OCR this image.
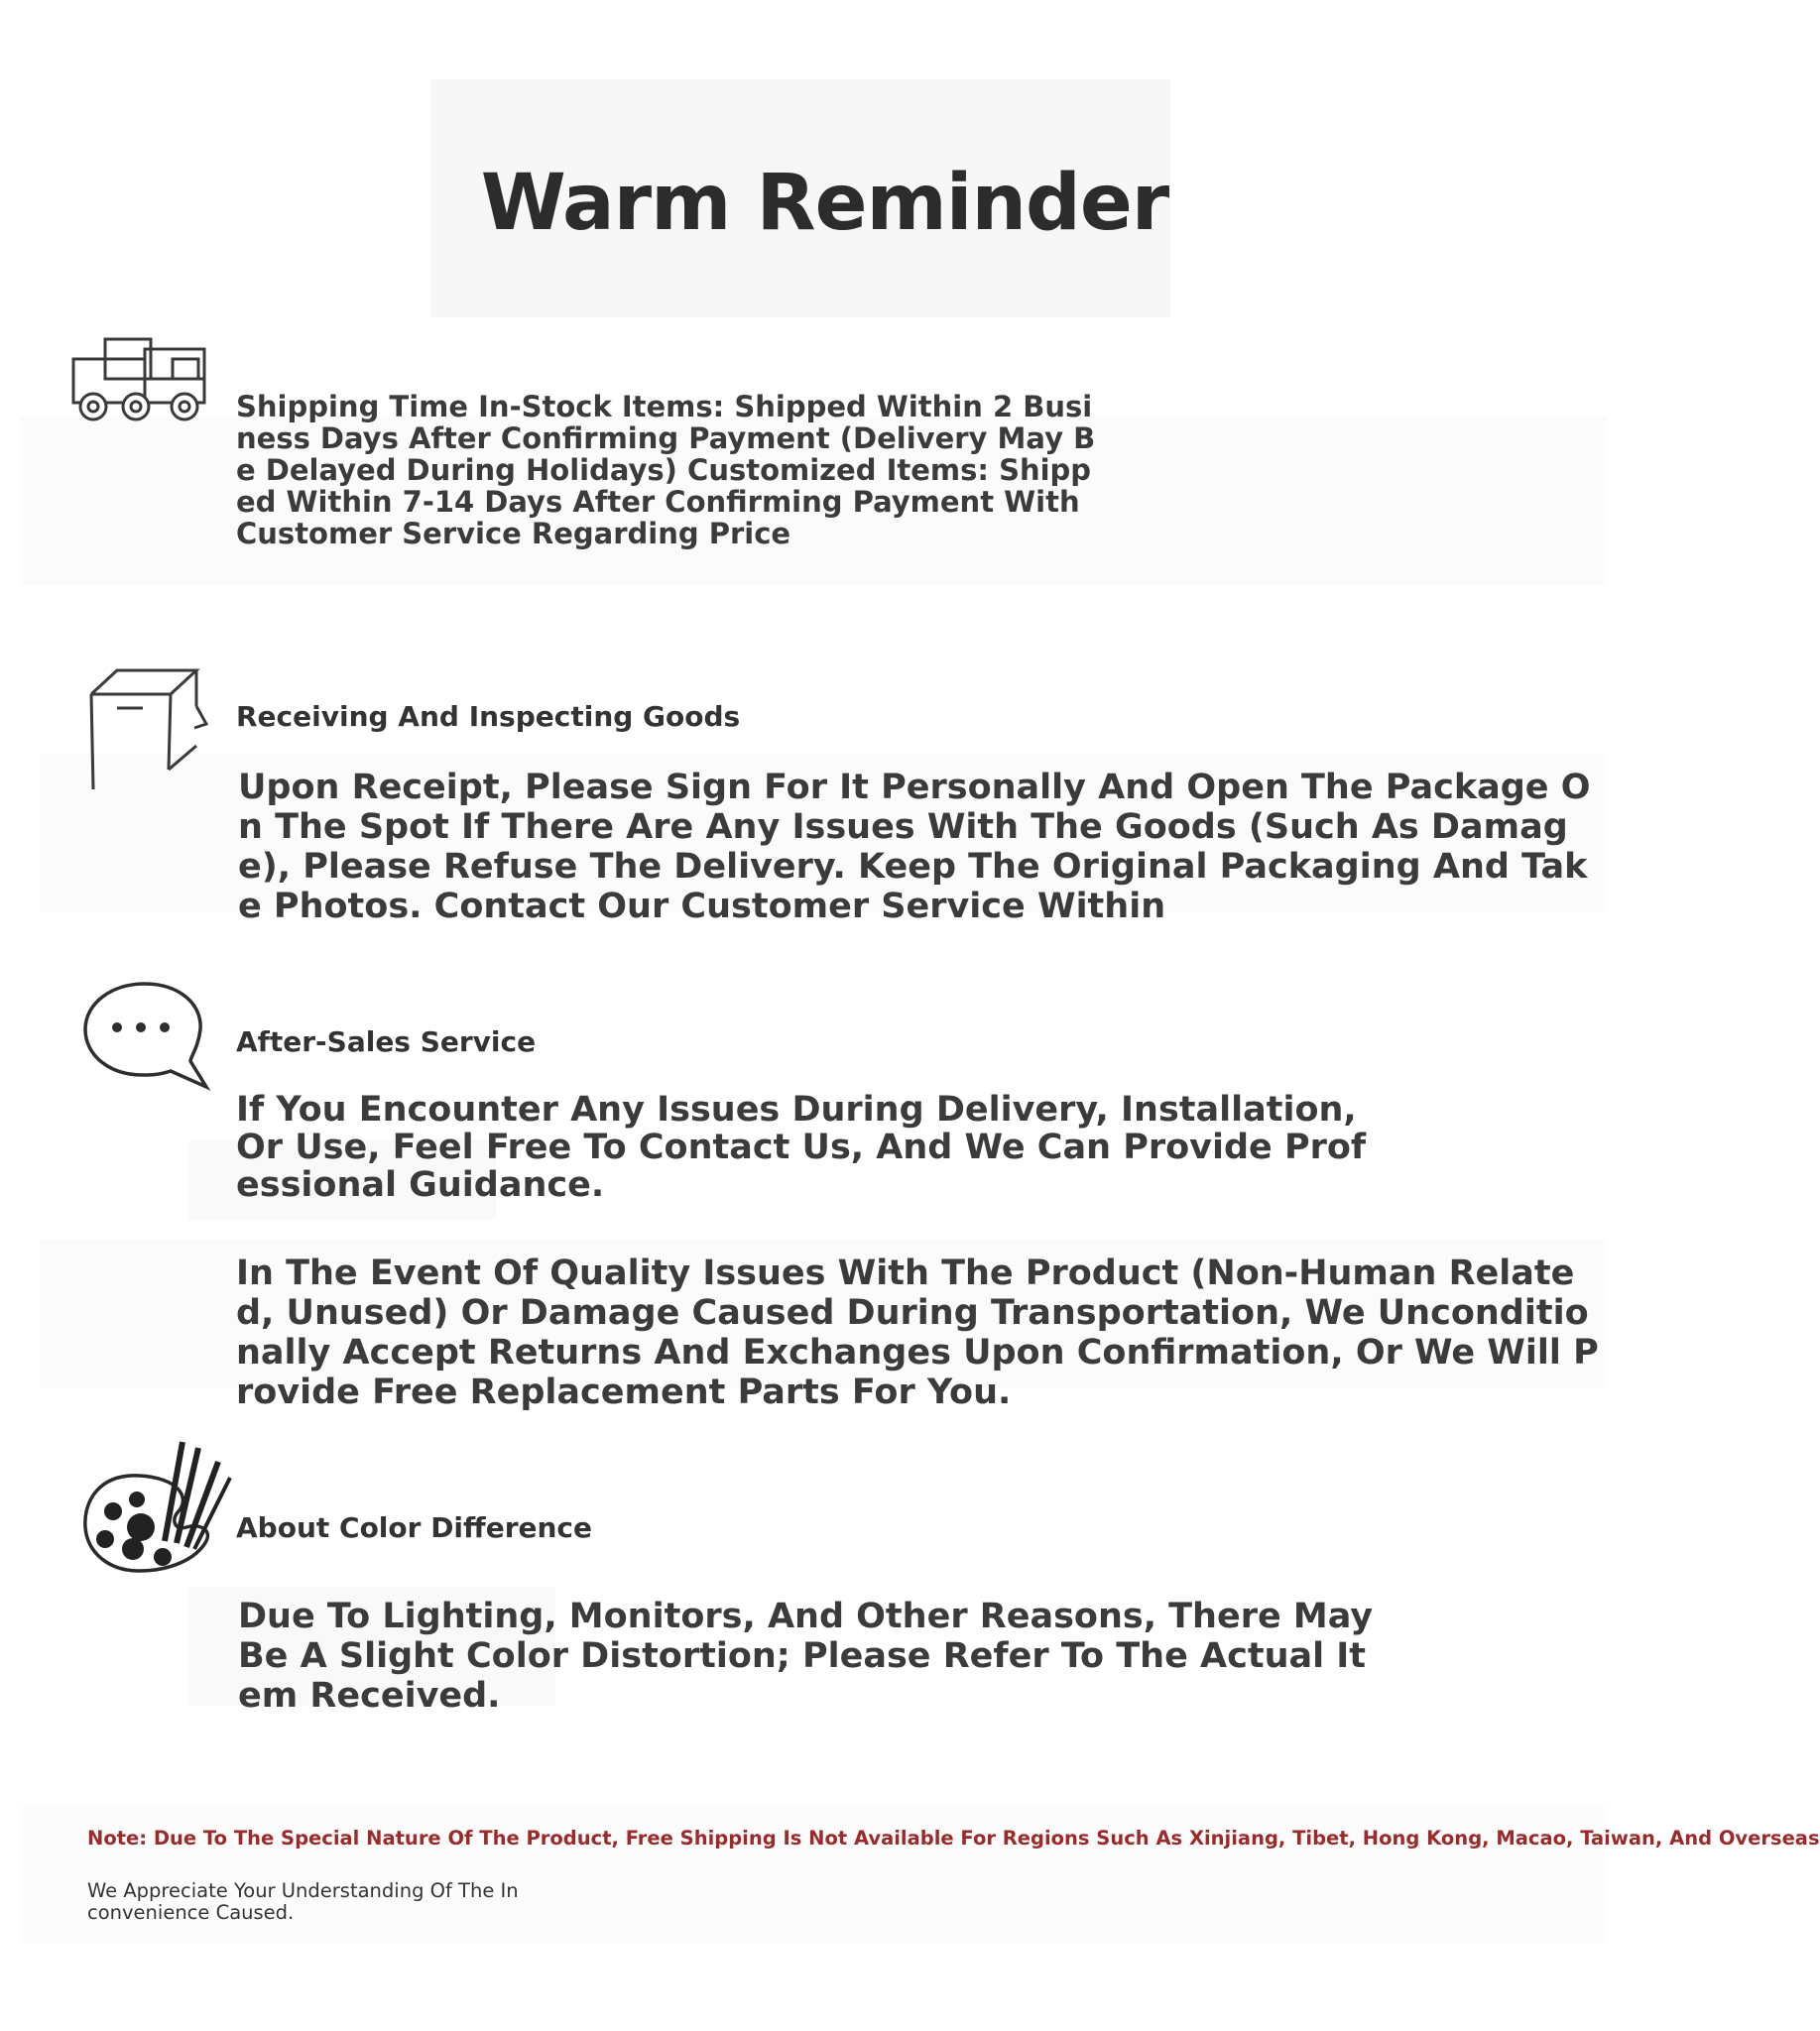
Warm Reminder
Shipping Time In-Stock Items: Shipped Within 2 Business Days After Confirming Payment (Delivery May Be Delayed During Holidays) Customized Items: Shipped Within 7-14 Days After Confirming Payment With Customer Service Regarding Price
Receiving And Inspecting Goods
Upon Receipt, Please Sign For It Personally And Open The Package On The Spot If There Are Any Issues With The Goods (Such As Damage), Please Refuse The Delivery. Keep The Original Packaging And Take Photos. Contact Our Customer Service Within
After-Sales Service
If You Encounter Any Issues During Delivery, Installation, Or Use, Feel Free To Contact Us, And We Can Provide Professional Guidance.
In The Event Of Quality Issues With The Product (Non-Human Related, Unused) Or Damage Caused During Transportation, We Unconditionally Accept Returns And Exchanges Upon Confirmation, Or We Will Provide Free Replacement Parts For You.
About Color Difference
Due To Lighting, Monitors, And Other Reasons, There May Be A Slight Color Distortion; Please Refer To The Actual Item Received.
Note: Due To The Special Nature Of The Product, Free Shipping Is Not Available For Regions Such As Xinjiang, Tibet, Hong Kong, Macao, Taiwan, And Overseas
We Appreciate Your Understanding Of The Inconvenience Caused.
